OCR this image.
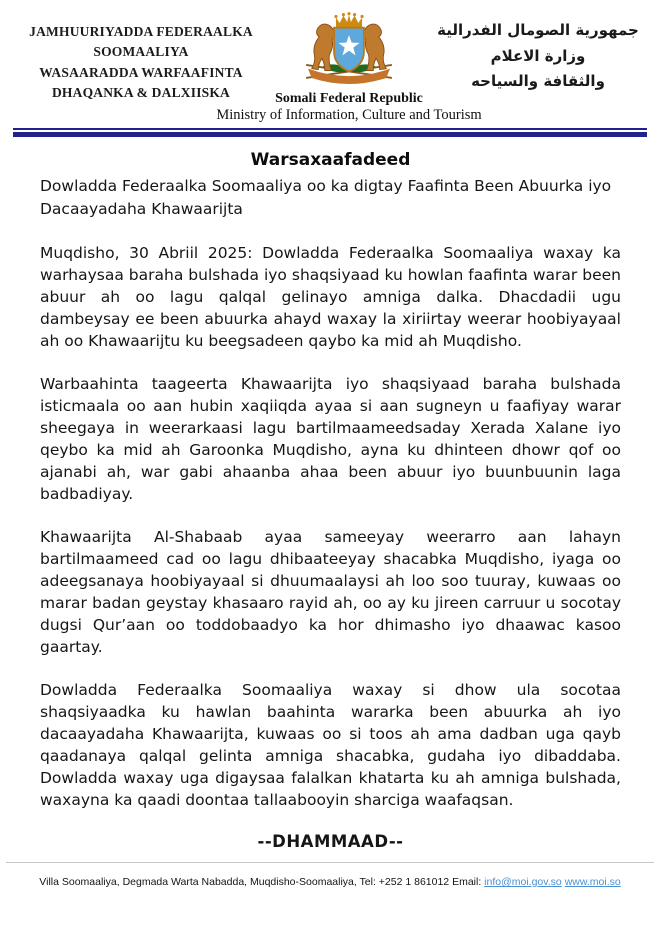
JAMHUURIYADDA FEDERAALKA
SOOMAALIYA
WASAARADDA WARFAAFINTA
DHAQANKA & DALXIISKA	Somali Federal Republic
Ministry of Information, Culture and Tourism
جمهورية الصومال الفدرالية
وزارة الاعلام
والثقافة والسياحه
Warsaxaafadeed

Dowladda Federaalka Soomaaliya oo ka digtay Faafinta Been Abuurka iyo Dacaayadaha Khawaarijta

Muqdisho, 30 Abriil 2025: Dowladda Federaalka Soomaaliya waxay ka warhaysaa baraha bulshada iyo shaqsiyaad ku howlan faafinta warar been abuur ah oo lagu qalqal gelinayo amniga dalka. Dhacdadii ugu dambeysay ee been abuurka ahayd waxay la xiriirtay weerar hoobiyayaal ah oo Khawaarijtu ku beegsadeen qaybo ka mid ah Muqdisho.

Warbaahinta taageerta Khawaarijta iyo shaqsiyaad baraha bulshada isticmaala oo aan hubin xaqiiqda ayaa si aan sugneyn u faafiyay warar sheegaya in weerarkaasi lagu bartilmaameedsaday Xerada Xalane iyo qeybo ka mid ah Garoonka Muqdisho, ayna ku dhinteen dhowr qof oo ajanabi ah, war gabi ahaanba ahaa been abuur iyo buunbuunin laga badbadiyay.

Khawaarijta Al-Shabaab ayaa sameeyay weerarro aan lahayn bartilmaameed cad oo lagu dhibaateeyay shacabka Muqdisho, iyaga oo adeegsanaya hoobiyayaal si dhuumaalaysi ah loo soo tuuray, kuwaas oo marar badan geystay khasaaro rayid ah, oo ay ku jireen carruur u socotay dugsi Qur’aan oo toddobaadyo ka hor dhimasho iyo dhaawac kasoo gaartay.

Dowladda Federaalka Soomaaliya waxay si dhow ula socotaa shaqsiyaadka ku hawlan baahinta wararka been abuurka ah iyo dacaayadaha Khawaarijta, kuwaas oo si toos ah ama dadban uga qayb qaadanaya qalqal gelinta amniga shacabka, gudaha iyo dibaddaba. Dowladda waxay uga digaysaa falalkan khatarta ku ah amniga bulshada, waxayna ka qaadi doontaa tallaabooyin sharciga waafaqsan.

--DHAMMAAD--
Villa Soomaaliya, Degmada Warta Nabadda, Muqdisho-Soomaaliya, Tel: +252 1 861012 Email: info@moi.gov.so www.moi.so
